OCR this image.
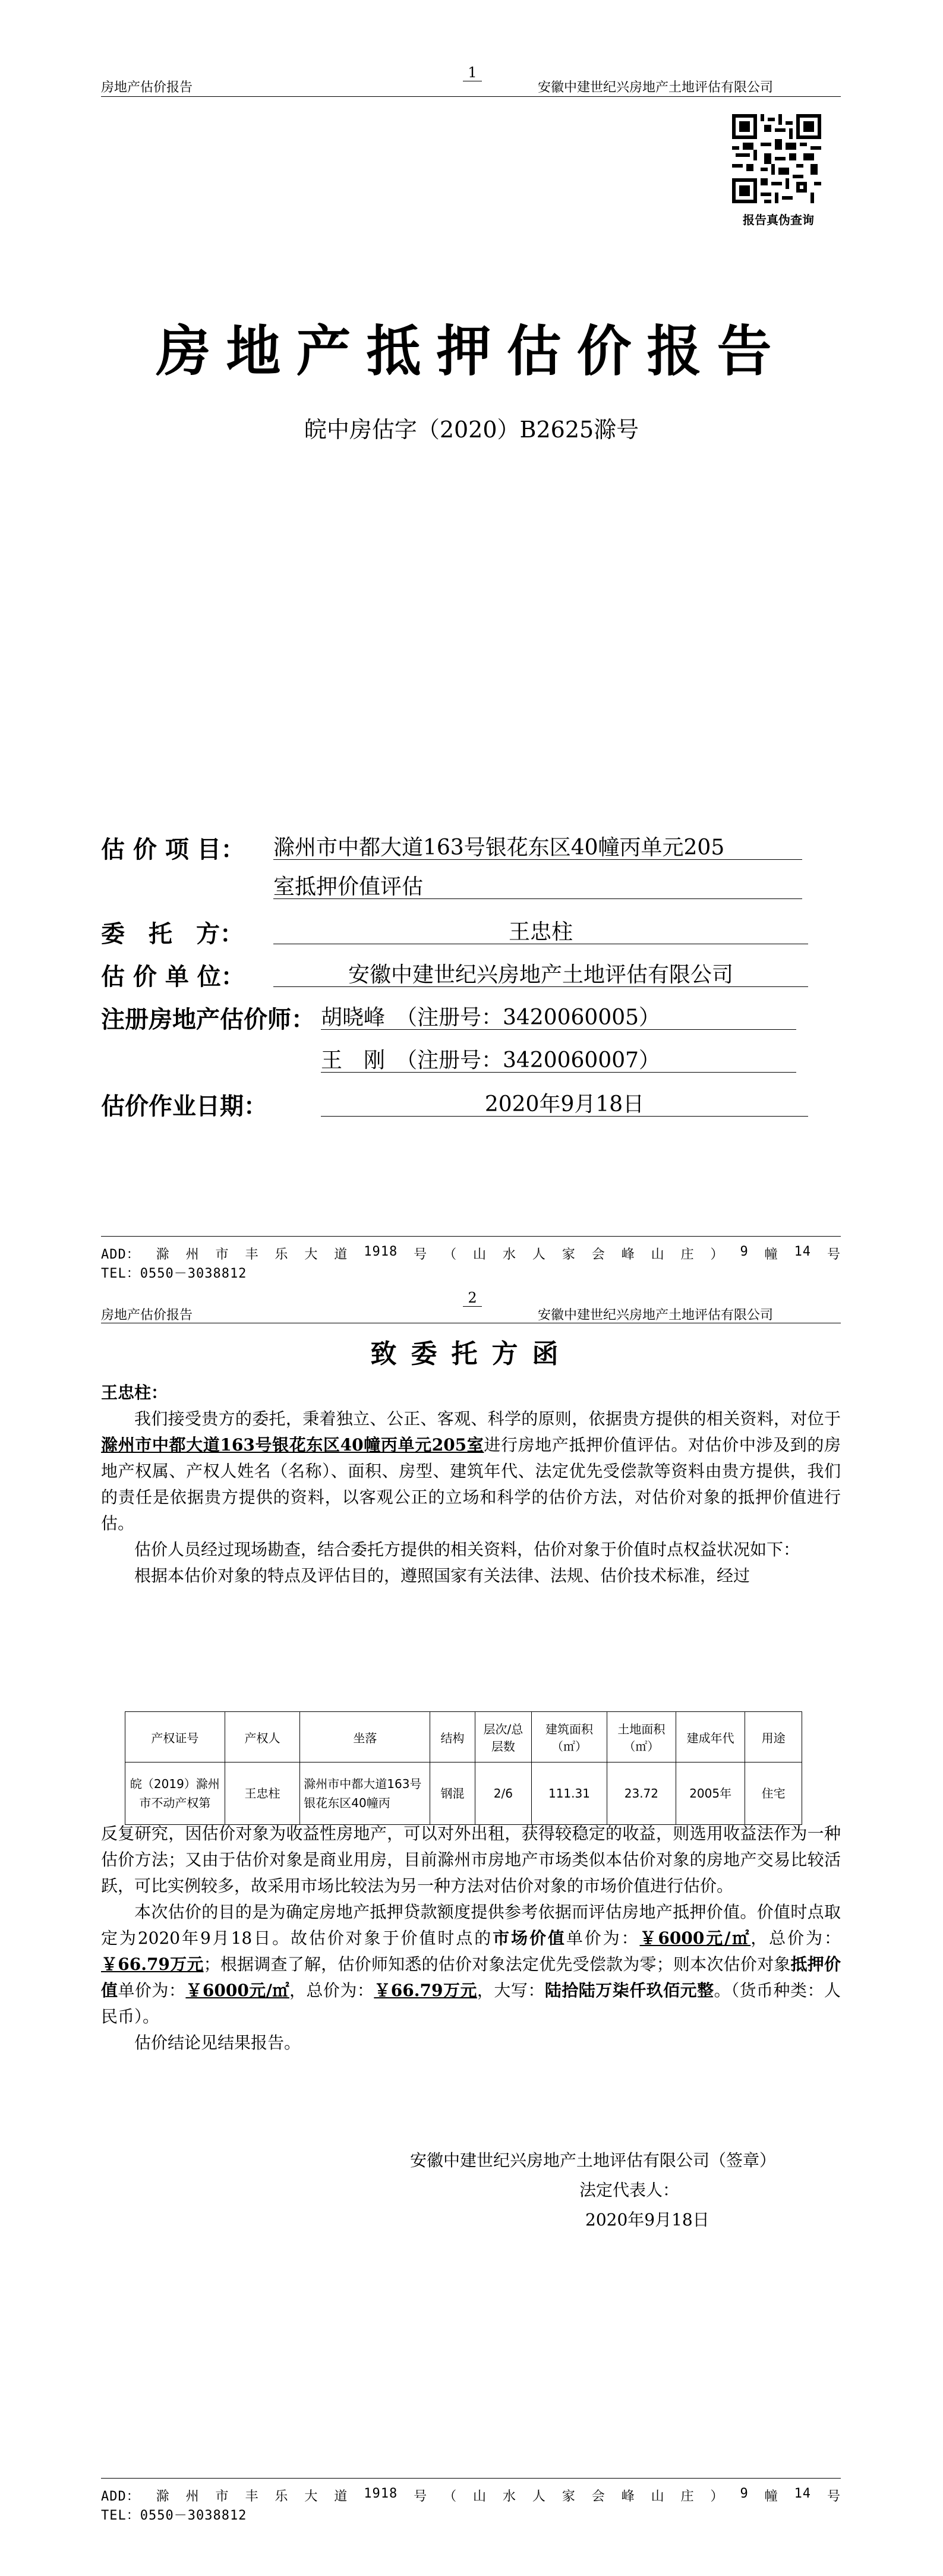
房地产估价报告
1
安徽中建世纪兴房地产土地评估有限公司
报告真伪查询
房地产抵押估价报告
皖中房估字（2020）B2625滁号
估 价 项 目： 滁州市中都大道163号银花东区40幢丙单元205
室抵押价值评估
委　托　方：	王忠柱
估 价 单 位：	安徽中建世纪兴房地产土地评估有限公司
注册房地产估价师： 胡晓峰　（注册号：3420060005）
王　刚　（注册号：3420060007）
估价作业日期：	2020年9月18日
ADD： 滁 州 市 丰 乐 大 道 1918 号 （ 山 水 人 家 会 峰 山 庄 ） 9 幢 14 号
TEL：0550－3038812
2
房地产估价报告	安徽中建世纪兴房地产土地评估有限公司
致委托方函
王忠柱：

我们接受贵方的委托，秉着独立、公正、客观、科学的原则，依据贵方提供的相关资料，对位于滁州市中都大道163号银花东区40幢丙单元205室进行房地产抵押价值评估。对估价中涉及到的房地产权属、产权人姓名（名称）、面积、房型、建筑年代、法定优先受偿款等资料由贵方提供，我们的责任是依据贵方提供的资料，以客观公正的立场和科学的估价方法，对估价对象的抵押价值进行估。

估价人员经过现场勘查，结合委托方提供的相关资料，估价对象于价值时点权益状况如下：

根据本估价对象的特点及评估目的，遵照国家有关法律、法规、估价技术标准，经过

产权证号	产权人	坐落	结构	层次/总层数	建筑面积（㎡）	土地面积（㎡）	建成年代	用途
皖（2019）滁州市不动产权第	王忠柱	滁州市中都大道163号银花东区40幢丙	钢混	2/6	111.31	23.72	2005年	住宅

反复研究，因估价对象为收益性房地产，可以对外出租，获得较稳定的收益，则选用收益法作为一种估价方法；又由于估价对象是商业用房，目前滁州市房地产市场类似本估价对象的房地产交易比较活跃，可比实例较多，故采用市场比较法为另一种方法对估价对象的市场价值进行估价。

本次估价的目的是为确定房地产抵押贷款额度提供参考依据而评估房地产抵押价值。价值时点取定为2020年9月18日。故估价对象于价值时点的市场价值单价为：￥6000元/㎡，总价为：￥66.79万元；根据调查了解，估价师知悉的估价对象法定优先受偿款为零；则本次估价对象抵押价值单价为：￥6000元/㎡，总价为：￥66.79万元，大写：陆拾陆万柒仟玖佰元整。（货币种类：人民币）。

估价结论见结果报告。

安徽中建世纪兴房地产土地评估有限公司（签章）
法定代表人：
2020年9月18日
ADD： 滁 州 市 丰 乐 大 道 1918 号 （ 山 水 人 家 会 峰 山 庄 ） 9 幢 14 号
TEL：0550－3038812
